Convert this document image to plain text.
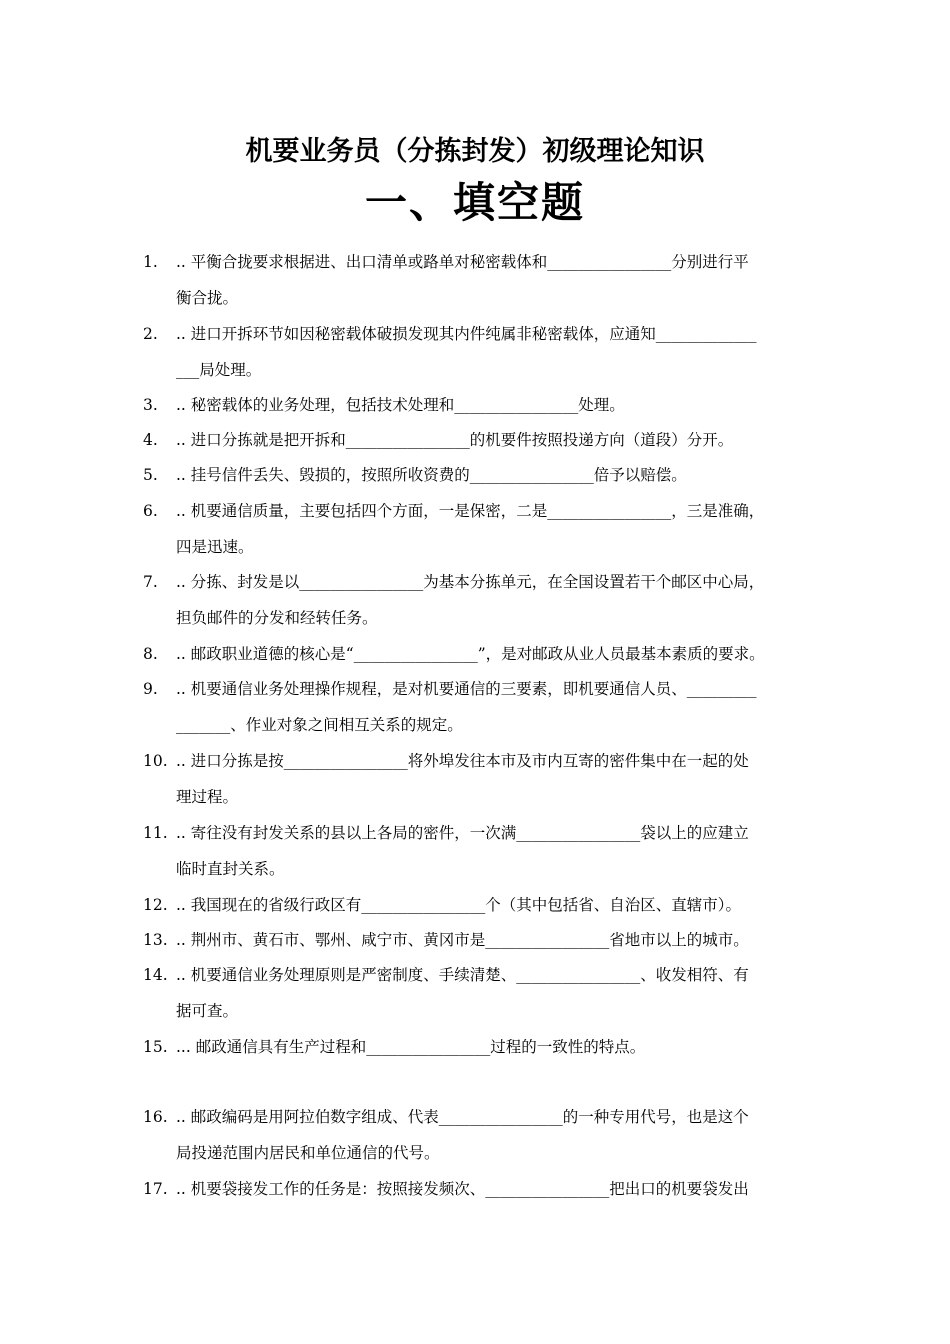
机要业务员（分拣封发）初级理论知识
一、填空题
1. .. 平衡合拢要求根据进、出口清单或路单对秘密载体和________________分别进行平
衡合拢。
2. .. 进口开拆环节如因秘密载体破损发现其内件纯属非秘密载体，应通知_____________
___局处理。
3. .. 秘密载体的业务处理，包括技术处理和________________处理。
4. .. 进口分拣就是把开拆和________________的机要件按照投递方向（道段）分开。
5. .. 挂号信件丢失、毁损的，按照所收资费的________________倍予以赔偿。
6. .. 机要通信质量，主要包括四个方面，一是保密，二是________________，三是准确，
四是迅速。
7. .. 分拣、封发是以________________为基本分拣单元，在全国设置若干个邮区中心局，
担负邮件的分发和经转任务。
8. .. 邮政职业道德的核心是“________________”，是对邮政从业人员最基本素质的要求。
9. .. 机要通信业务处理操作规程，是对机要通信的三要素，即机要通信人员、_________
_______、作业对象之间相互关系的规定。
10. .. 进口分拣是按________________将外埠发往本市及市内互寄的密件集中在一起的处
理过程。
11. .. 寄往没有封发关系的县以上各局的密件，一次满________________袋以上的应建立
临时直封关系。
12. .. 我国现在的省级行政区有________________个（其中包括省、自治区、直辖市）。
13. .. 荆州市、黄石市、鄂州、咸宁市、黄冈市是________________省地市以上的城市。
14. .. 机要通信业务处理原则是严密制度、手续清楚、________________、收发相符、有
据可查。
15. ... 邮政通信具有生产过程和________________过程的一致性的特点。
16. .. 邮政编码是用阿拉伯数字组成、代表________________的一种专用代号，也是这个
局投递范围内居民和单位通信的代号。
17. .. 机要袋接发工作的任务是：按照接发频次、________________把出口的机要袋发出
